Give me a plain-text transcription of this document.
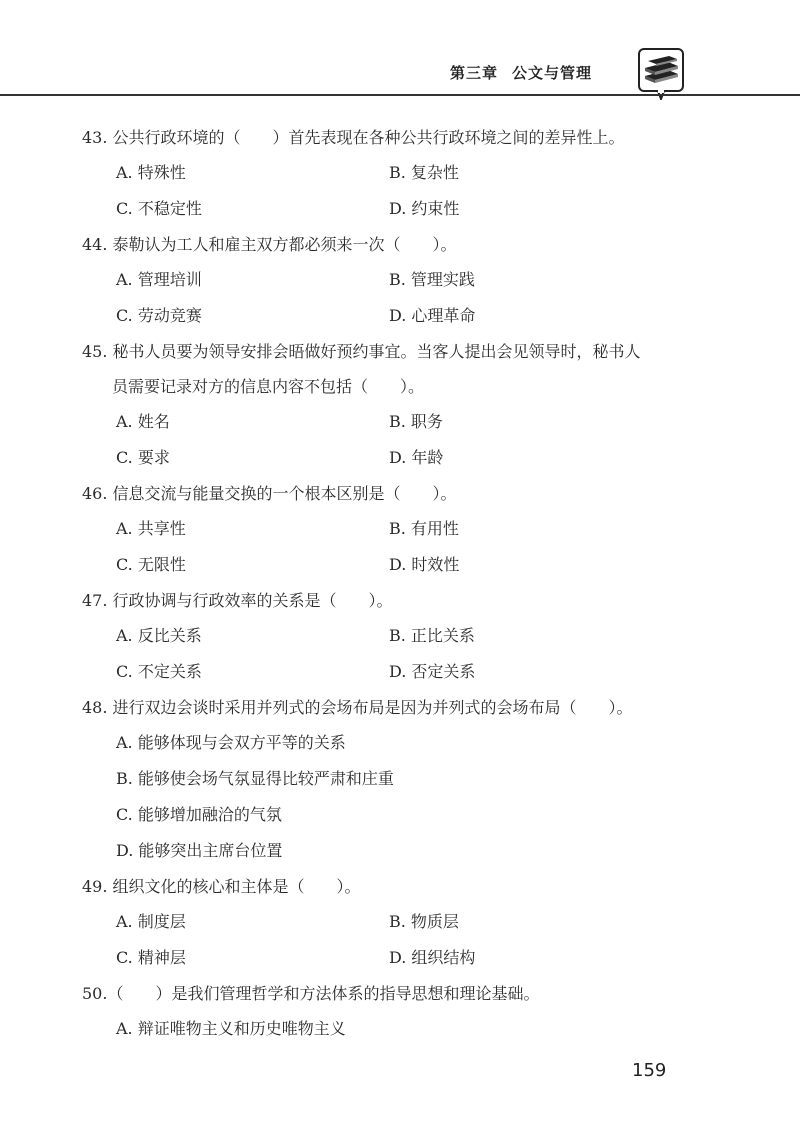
第三章 公文与管理
43. 公共行政环境的（　　）首先表现在各种公共行政环境之间的差异性上。
A. 特殊性	B. 复杂性
C. 不稳定性	D. 约束性
44. 泰勒认为工人和雇主双方都必须来一次（　　）。
A. 管理培训	B. 管理实践
C. 劳动竞赛	D. 心理革命
45. 秘书人员要为领导安排会晤做好预约事宜。当客人提出会见领导时，秘书人
员需要记录对方的信息内容不包括（　　）。
A. 姓名	B. 职务
C. 要求	D. 年龄
46. 信息交流与能量交换的一个根本区别是（　　）。
A. 共享性	B. 有用性
C. 无限性	D. 时效性
47. 行政协调与行政效率的关系是（　　）。
A. 反比关系	B. 正比关系
C. 不定关系	D. 否定关系
48. 进行双边会谈时采用并列式的会场布局是因为并列式的会场布局（　　）。
A. 能够体现与会双方平等的关系
B. 能够使会场气氛显得比较严肃和庄重
C. 能够增加融洽的气氛
D. 能够突出主席台位置
49. 组织文化的核心和主体是（　　）。
A. 制度层	B. 物质层
C. 精神层	D. 组织结构
50.（　　）是我们管理哲学和方法体系的指导思想和理论基础。
A. 辩证唯物主义和历史唯物主义
159
